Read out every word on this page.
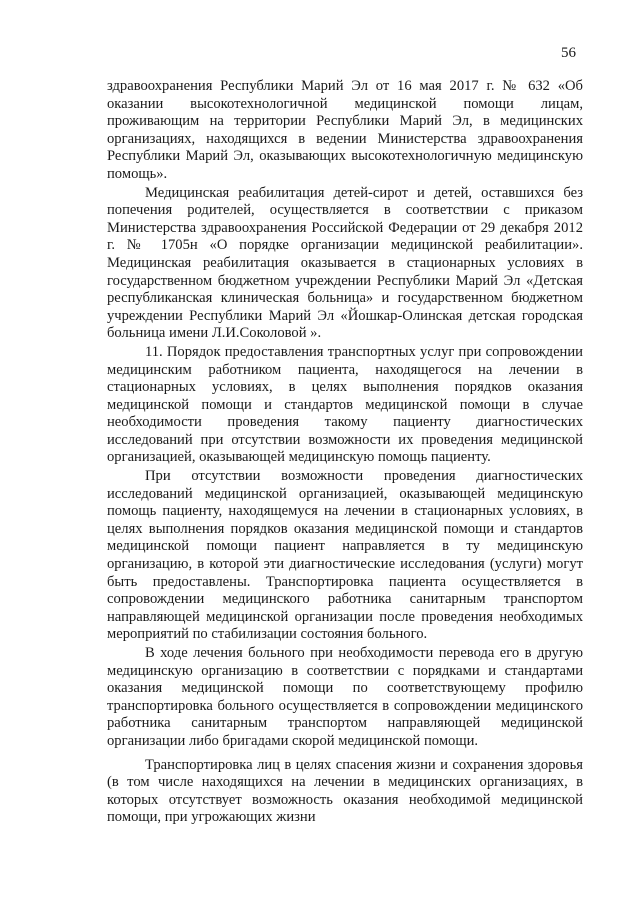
56

здравоохранения Республики Марий Эл от 16 мая 2017 г. № 632 «Об оказании высокотехнологичной медицинской помощи лицам, проживающим на территории Республики Марий Эл, в медицинских организациях, находящихся в ведении Министерства здравоохранения Республики Марий Эл, оказывающих высокотехнологичную медицинскую помощь».

Медицинская реабилитация детей-сирот и детей, оставшихся без попечения родителей, осуществляется в соответствии с приказом Министерства здравоохранения Российской Федерации от 29 декабря 2012 г. № 1705н «О порядке организации медицинской реабилитации». Медицинская реабилитация оказывается в стационарных условиях в государственном бюджетном учреждении Республики Марий Эл «Детская республиканская клиническая больница» и государственном бюджетном учреждении Республики Марий Эл «Йошкар-Олинская детская городская больница имени Л.И.Соколовой ».

11. Порядок предоставления транспортных услуг при сопровождении медицинским работником пациента, находящегося на лечении в стационарных условиях, в целях выполнения порядков оказания медицинской помощи и стандартов медицинской помощи в случае необходимости проведения такому пациенту диагностических исследований при отсутствии возможности их проведения медицинской организацией, оказывающей медицинскую помощь пациенту.

При отсутствии возможности проведения диагностических исследований медицинской организацией, оказывающей медицинскую помощь пациенту, находящемуся на лечении в стационарных условиях, в целях выполнения порядков оказания медицинской помощи и стандартов медицинской помощи пациент направляется в ту медицинскую организацию, в которой эти диагностические исследования (услуги) могут быть предоставлены. Транспортировка пациента осуществляется в сопровождении медицинского работника санитарным транспортом направляющей медицинской организации после проведения необходимых мероприятий по стабилизации состояния больного.

В ходе лечения больного при необходимости перевода его в другую медицинскую организацию в соответствии с порядками и стандартами оказания медицинской помощи по соответствующему профилю транспортировка больного осуществляется в сопровождении медицинского работника санитарным транспортом направляющей медицинской организации либо бригадами скорой медицинской помощи.

Транспортировка лиц в целях спасения жизни и сохранения здоровья (в том числе находящихся на лечении в медицинских организациях, в которых отсутствует возможность оказания необходимой медицинской помощи, при угрожающих жизни
